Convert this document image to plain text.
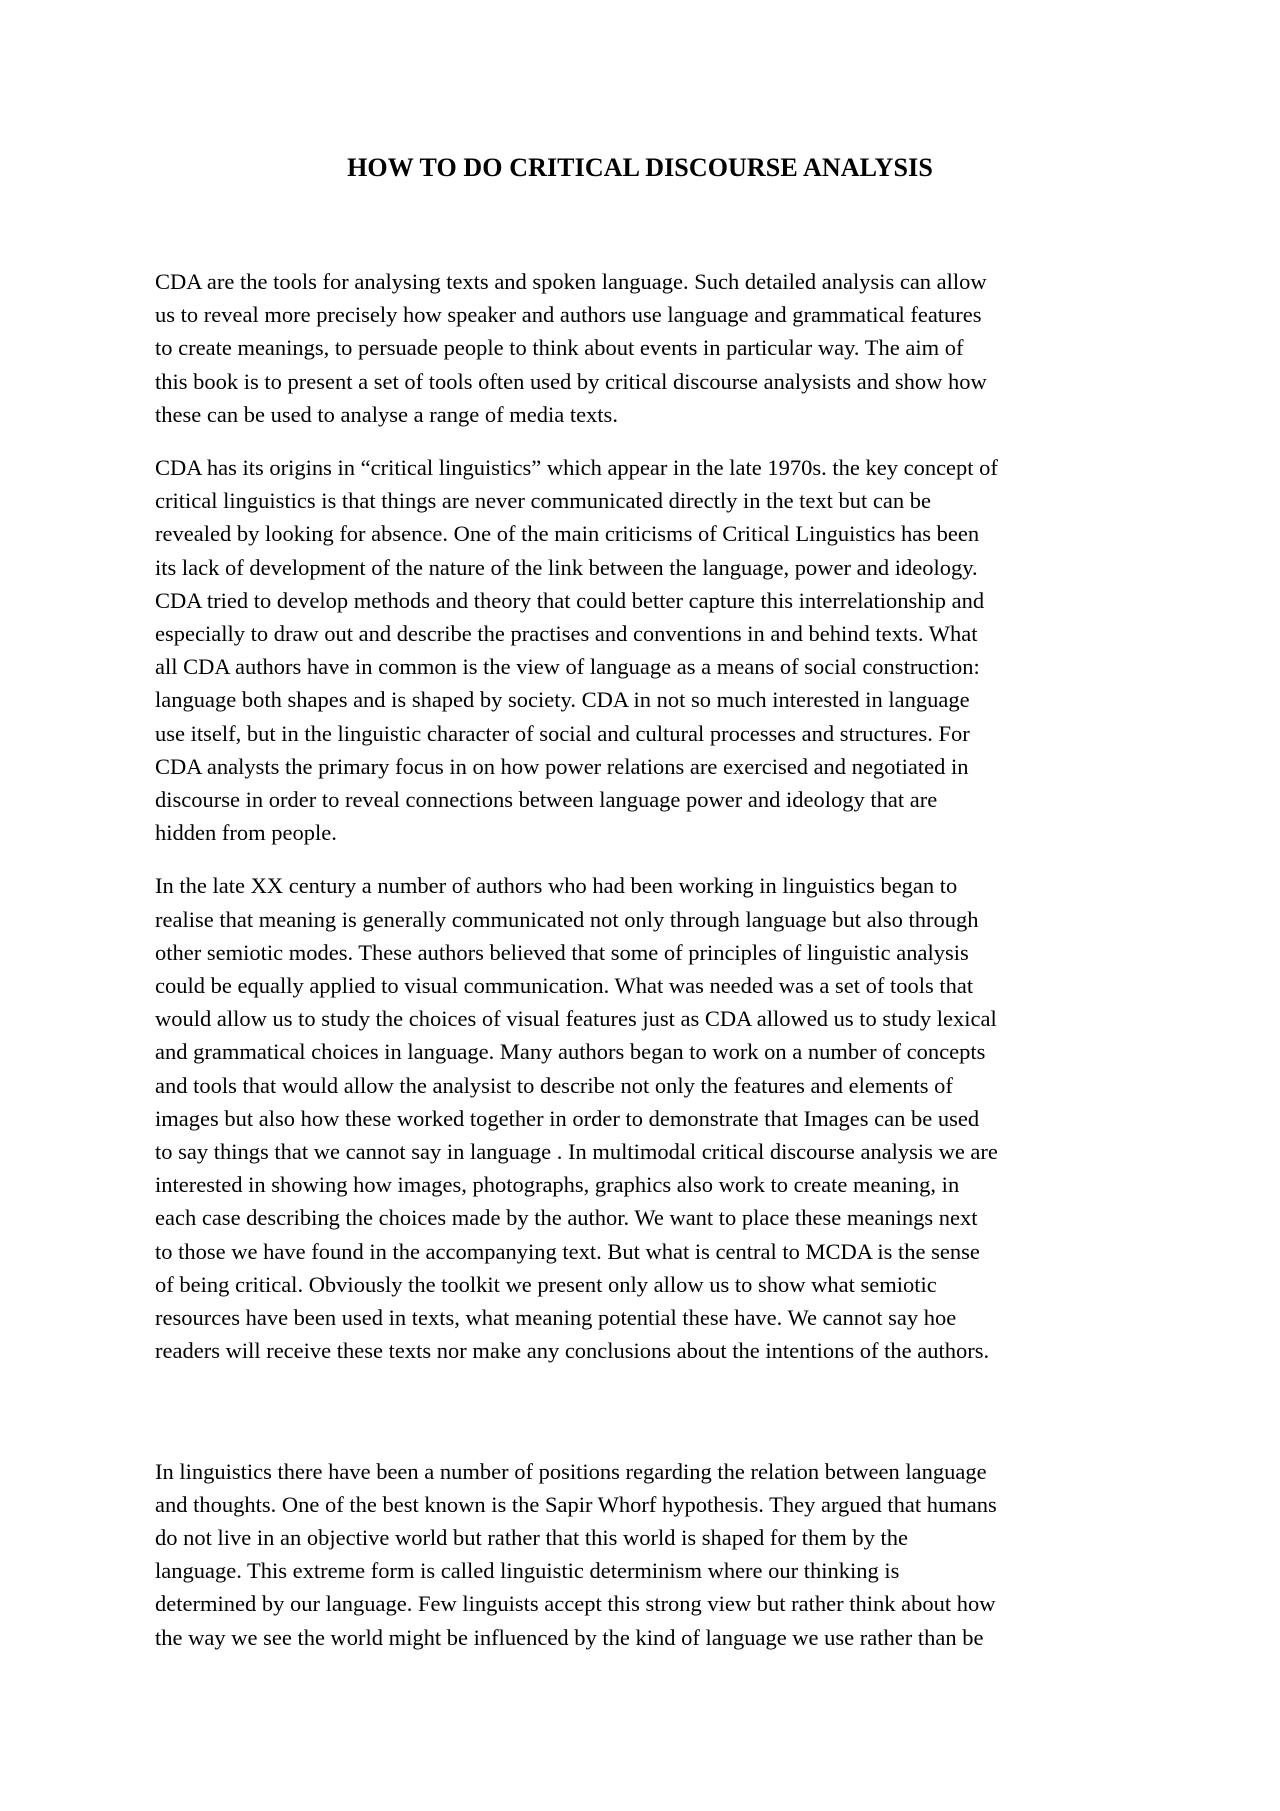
HOW TO DO CRITICAL DISCOURSE ANALYSIS
CDA are the tools for analysing texts and spoken language. Such detailed analysis can allow
us to reveal more precisely how speaker and authors use language and grammatical features
to create meanings, to persuade people to think about events in particular way. The aim of
this book is to present a set of tools often used by critical discourse analysists and show how
these can be used to analyse a range of media texts.
CDA has its origins in “critical linguistics” which appear in the late 1970s. the key concept of
critical linguistics is that things are never communicated directly in the text but can be
revealed by looking for absence. One of the main criticisms of Critical Linguistics has been
its lack of development of the nature of the link between the language, power and ideology.
CDA tried to develop methods and theory that could better capture this interrelationship and
especially to draw out and describe the practises and conventions in and behind texts. What
all CDA authors have in common is the view of language as a means of social construction:
language both shapes and is shaped by society. CDA in not so much interested in language
use itself, but in the linguistic character of social and cultural processes and structures. For
CDA analysts the primary focus in on how power relations are exercised and negotiated in
discourse in order to reveal connections between language power and ideology that are
hidden from people.
In the late XX century a number of authors who had been working in linguistics began to
realise that meaning is generally communicated not only through language but also through
other semiotic modes. These authors believed that some of principles of linguistic analysis
could be equally applied to visual communication. What was needed was a set of tools that
would allow us to study the choices of visual features just as CDA allowed us to study lexical
and grammatical choices in language. Many authors began to work on a number of concepts
and tools that would allow the analysist to describe not only the features and elements of
images but also how these worked together in order to demonstrate that Images can be used
to say things that we cannot say in language . In multimodal critical discourse analysis we are
interested in showing how images, photographs, graphics also work to create meaning, in
each case describing the choices made by the author. We want to place these meanings next
to those we have found in the accompanying text. But what is central to MCDA is the sense
of being critical. Obviously the toolkit we present only allow us to show what semiotic
resources have been used in texts, what meaning potential these have. We cannot say hoe
readers will receive these texts nor make any conclusions about the intentions of the authors.
In linguistics there have been a number of positions regarding the relation between language
and thoughts. One of the best known is the Sapir Whorf hypothesis. They argued that humans
do not live in an objective world but rather that this world is shaped for them by the
language. This extreme form is called linguistic determinism where our thinking is
determined by our language. Few linguists accept this strong view but rather think about how
the way we see the world might be influenced by the kind of language we use rather than be
